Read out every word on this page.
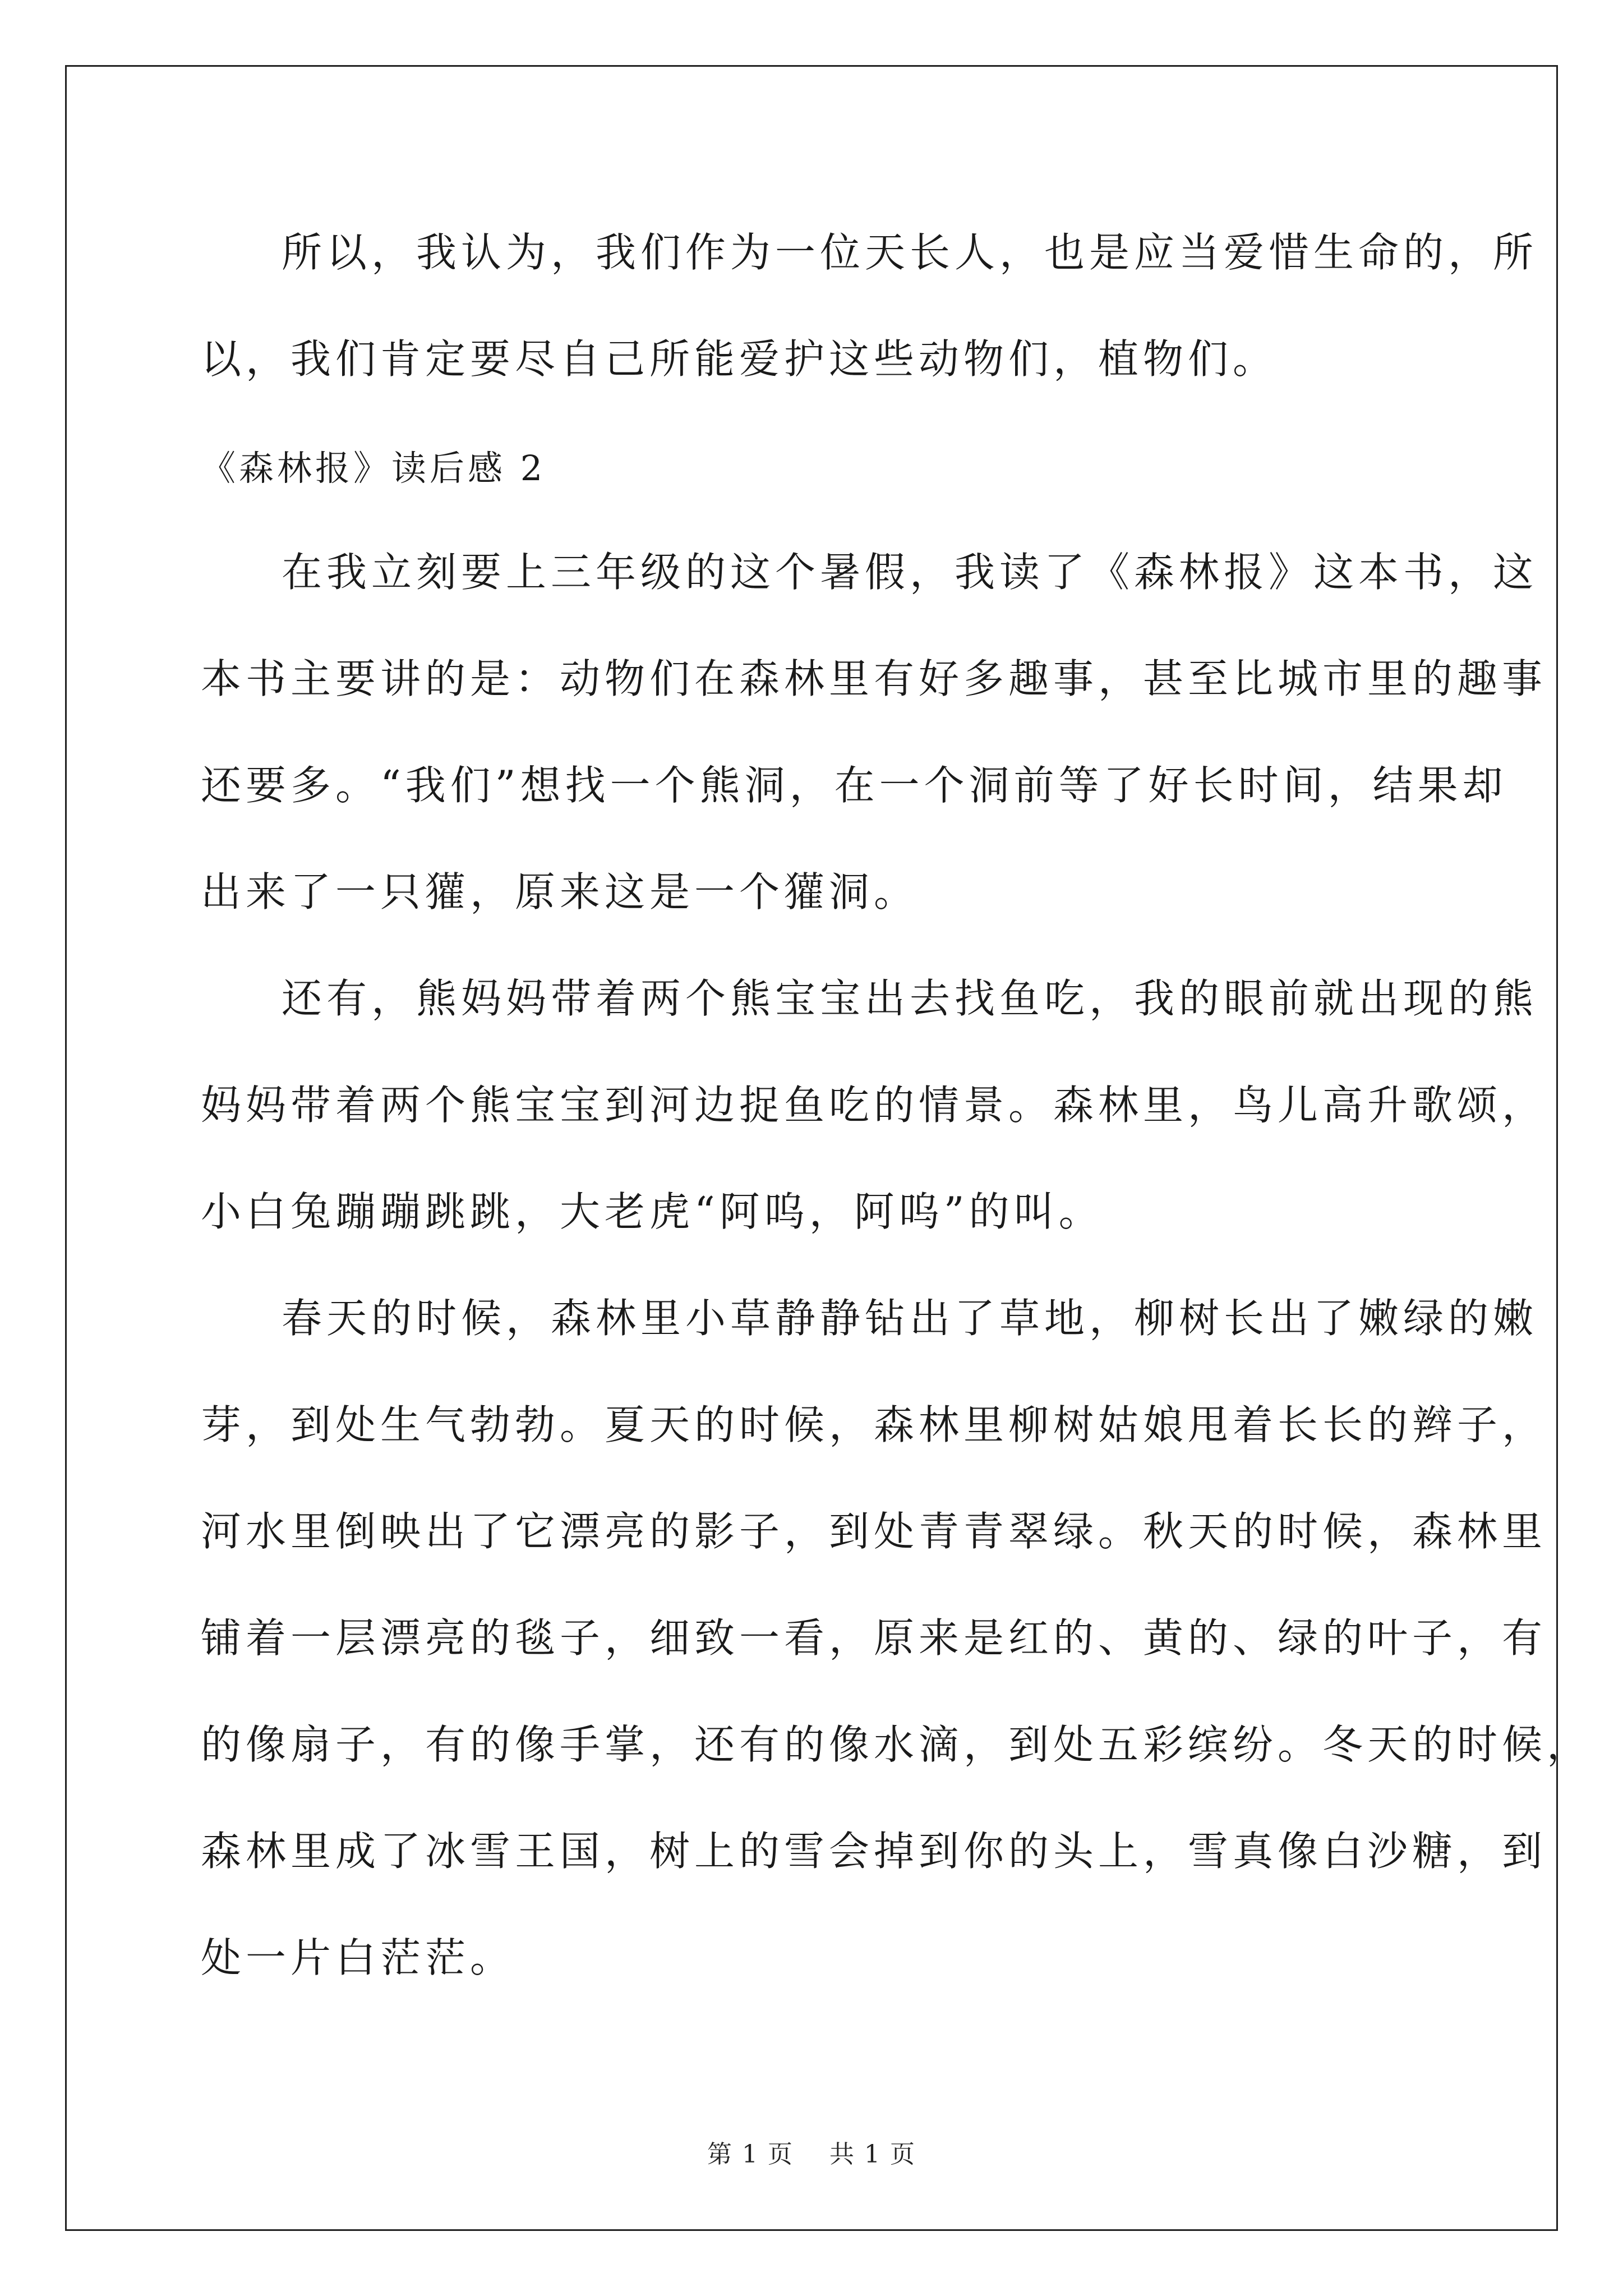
所以，我认为，我们作为一位天长人，也是应当爱惜生命的，所
以，我们肯定要尽自己所能爱护这些动物们，植物们。
《森林报》读后感 2
在我立刻要上三年级的这个暑假，我读了《森林报》这本书，这
本书主要讲的是：动物们在森林里有好多趣事，甚至比城市里的趣事
还要多。“我们”想找一个熊洞，在一个洞前等了好长时间，结果却
出来了一只獾，原来这是一个獾洞。
还有，熊妈妈带着两个熊宝宝出去找鱼吃，我的眼前就出现的熊
妈妈带着两个熊宝宝到河边捉鱼吃的情景。森林里，鸟儿高升歌颂，
小白兔蹦蹦跳跳，大老虎“阿呜，阿呜”的叫。
春天的时候，森林里小草静静钻出了草地，柳树长出了嫩绿的嫩
芽，到处生气勃勃。夏天的时候，森林里柳树姑娘甩着长长的辫子，
河水里倒映出了它漂亮的影子，到处青青翠绿。秋天的时候，森林里
铺着一层漂亮的毯子，细致一看，原来是红的、黄的、绿的叶子，有
的像扇子，有的像手掌，还有的像水滴，到处五彩缤纷。冬天的时候，
森林里成了冰雪王国，树上的雪会掉到你的头上，雪真像白沙糖，到
处一片白茫茫。
第 1 页 共 1 页
